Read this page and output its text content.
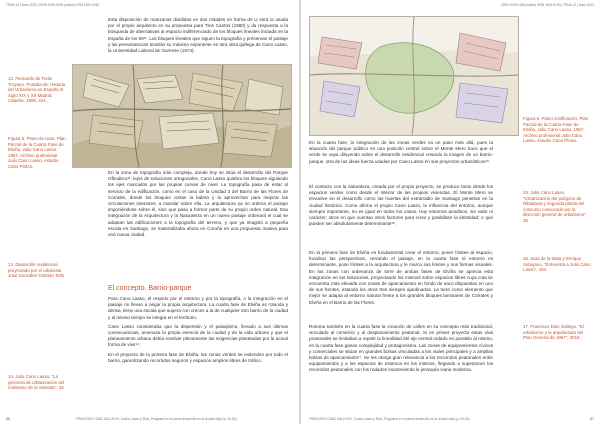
TEMA 12 | Anno 2023 | ISSN 2039-0155 (online) ISSN 1824-6780
Esta disposición de manzanas divididas en dos mitades en forma de U será la usada por el propio arquitecto en su propuesta para Tres Cantos (1980) y da respuesta a la búsqueda de alternativas al espacio indiferenciado de los bloques lineales iniciada en la España de los 60¹¹. Los bloques lineales que siguen la topografía y preservan el paisaje y las preexistencias tendrán su máximo exponente en otra obra gallega de Cano Lasso, la Universidad Laboral de Ourense (1974).
12. Fernando de Terán Troyano. Portada de: Historia del Urbanismo en España III, Siglo XIX y XX Madrid: Cátedra, 1999, 314.
Figura 5. Plano de usos. Plan Parcial de la Cuarta Fase de Elviña. Julio Cano Lasso. 1967. Archivo profesional Julio Cano Lasso, estudio Cano Pintos.
En la zona de topografía más compleja, donde hoy se sitúa el desarrollo del Parque Ofimático¹², lejos de soluciones ortogonales, Cano Lasso quiebra los bloques siguiendo los ejes marcados por las propias curvas de nivel. La topografía pasa de estar al servicio de la edificación, como en el caso de la Unidad 3 del Barrio de las Flores de Corrales, donde los bloques cortan la ladera y la aprovechan para mejorar las circulaciones interiores; a mandar sobre ella. La arquitectura ya no ordena el paisaje imponiéndose sobre él, sino que pasa a formar parte de su propio orden natural. Esa integración de la Arquitectura y la Naturaleza en un nuevo paisaje ordenará el cual se adaptan las edificaciones a la topografía del terreno, y que ya imaginó a pequeña escala en Santiago, se materializaba ahora en Coruña en una propuesta masiva para una nueva ciudad.
13. Desarrollo residencial proyectado por el urbanista José González-Cebrián Tello.
El concepto. Barrio-parque
Para Cano Lasso, el respeto por el entorno y por la topografía, o la integración en el paisaje no llevan a negar la propia arquitectura. La cuarta fase de Elviña es rotunda y densa, tiene una escala que supera con creces a la de cualquier otro barrio de la ciudad y al mismo tiempo se integra en el territorio.
Cano Lasso consideraba que la dispersión y el paisajismo, llevado a sus últimas consecuencias, amenaza la propia esencia de la ciudad y de la vida urbana y que el planeamiento urbano debía resolver plenamente las exigencias planteadas por la actual forma de vivir¹⁴.
En el proyecto de la primera fase de Elviña, las zonas verdes se extienden por todo el barrio, garantizando recorridos seguros y espacios amplios libres de tráfico.
14. Julio Cano Lasso. "La gerencia de urbanización del ministerio de la vivienda", 34.
86	FRANCISCO DÍAZ GALLEGO, Carlos Lasso y Ruiz. Programa en el pleno desarrollo en la ciudad vieja (p. 00-00)
ISSN 2039-0155 (online) ISSN 1824-6780 | TEMA 12 | Anno 2023
Figura 6. Plano zonificación. Plan Parcial de la Cuarta Fase de Elviña, Julio Cano Lasso. 1967. Archivo profesional Julio Cano Lasso, estudio Cano Pintos.
En la cuarta fase, la integración de las zonas verdes va un paso más allá, pues la situación del parque público en una posición central sobre el Monte Mero hace que el verde se vaya diluyendo sobre el desarrollo residencial creando la imagen de un barrio-parque, otra de las ideas fuerza usadas por Cano Lasso en sus proyectos urbanísticos¹⁵.
El contacto con la naturaleza, creada por el propio proyecto, se produce tanto desde los espacios verdes como desde el interior de las propias viviendas. El Monte Mero se envuelve en el desarrollo como las huertas del extrarradio de Santiago penetran en la ciudad histórica. Como afirma el propio Cano Lasso, la influencia del entorno, aunque siempre importante, no es igual en todos los casos. Hay entornos anodinos, sin valor ni carácter; otros en que cuentan otros factores para crear y posibilitan la identidad; o que pueden ser absolutamente determinante¹⁶.
En la primera fase de Elviña es fundamental crear el entorno, poner límites al espacio, focalizar las perspectivas, cerrando el paisaje, en la cuarta fase el entorno es determinante, pone límites a la arquitectura y le marca sus límites y sus formas visuales. En las zonas con ordenanza de torre de ambas fases de Elviña se aprecia esta integración en las soluciones, proyectando los mismos sobre espacios libres cuya cota se encuentra más elevada con zonas de aparcamiento en fondo de saco dispuestas en uno de sus frentes, estando los otros tres siempre ajardinados. La torre como elemento que mejor se adapta al entorno natural frente a los grandes bloques laminares de Corrales y Elviña en el Barrio de las Flores.
Rotoma también en la cuarta fase la creación de calles en su concepto más tradicional, vinculado al comercio y al desplazamiento peatonal. Si en primer proyecto estas vías peatonales se limitaban a repetir la linealidad del eje central rodado en paralelo al mismo, en la cuarta fase ganan complejidad y protagonismo. Las zonas de equipamientos cívicos y comerciales se sitúan en grandes bolsas vinculadas a los viales principales y a amplias bolsas de aparcamiento¹⁷. Se les otorga gran relevancia a los recorridos peatonales entre equipamientos y a los espacios de estancia en los mismos, llegando a superponer los recorridos peatonales con los rodados manteniendo la jerarquía viaria moderna.
15. Julio Cano Lasso. "Urbanización del polígono de Ribadavia y segunda planta del concurso convocado por la dirección general de urbanismo", 35.
16. Sara de la Mata y Enrique Sobejano. "Entrevista a Julio Cano Lasso", 194.
17. Francisco Díaz Gallego. "El urbanismo y la arquitectura del Plan General de 1967", 2019.
FRANCISCO DÍAZ GALLEGO, Carlos Lasso y Ruiz. Programa en el pleno desarrollo en la ciudad vieja (p. 00-00)	87
